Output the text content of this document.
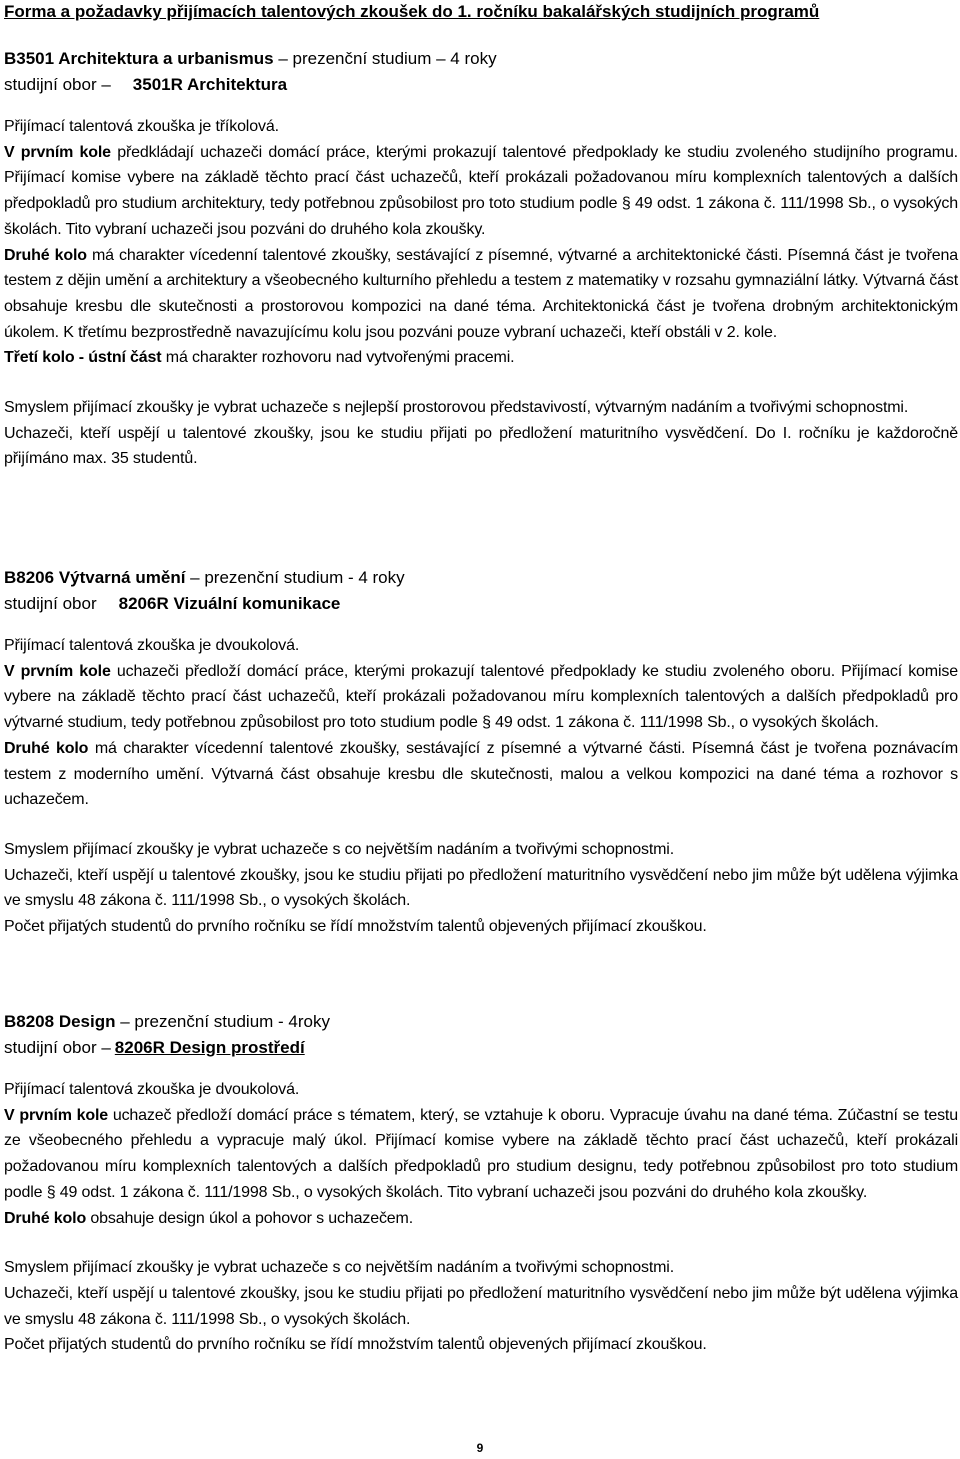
Forma a požadavky přijímacích talentových zkoušek do 1. ročníku bakalářských studijních programů
B3501 Architektura a urbanismus – prezenční studium – 4 roky
studijní obor – 3501R Architektura

Přijímací talentová zkouška je tříkolová.

V prvním kole předkládají uchazeči domácí práce, kterými prokazují talentové předpoklady ke studiu zvoleného studijního programu. Přijímací komise vybere na základě těchto prací část uchazečů, kteří prokázali požadovanou míru komplexních talentových a dalších předpokladů pro studium architektury, tedy potřebnou způsobilost pro toto studium podle § 49 odst. 1 zákona č. 111/1998 Sb., o vysokých školách. Tito vybraní uchazeči jsou pozváni do druhého kola zkoušky.

Druhé kolo má charakter vícedenní talentové zkoušky, sestávající z písemné, výtvarné a architektonické části. Písemná část je tvořena testem z dějin umění a architektury a všeobecného kulturního přehledu a testem z matematiky v rozsahu gymnaziální látky. Výtvarná část obsahuje kresbu dle skutečnosti a prostorovou kompozici na dané téma. Architektonická část je tvořena drobným architektonickým úkolem. K třetímu bezprostředně navazujícímu kolu jsou pozváni pouze vybraní uchazeči, kteří obstáli v 2. kole.

Třetí kolo - ústní část má charakter rozhovoru nad vytvořenými pracemi.

Smyslem přijímací zkoušky je vybrat uchazeče s nejlepší prostorovou představivostí, výtvarným nadáním a tvořivými schopnostmi.

Uchazeči, kteří uspějí u talentové zkoušky, jsou ke studiu přijati po předložení maturitního vysvědčení. Do I. ročníku je každoročně přijímáno max. 35 studentů.

B8206 Výtvarná umění – prezenční studium - 4 roky
studijní obor 8206R Vizuální komunikace

Přijímací talentová zkouška je dvoukolová.

V prvním kole uchazeči předloží domácí práce, kterými prokazují talentové předpoklady ke studiu zvoleného oboru. Přijímací komise vybere na základě těchto prací část uchazečů, kteří prokázali požadovanou míru komplexních talentových a dalších předpokladů pro výtvarné studium, tedy potřebnou způsobilost pro toto studium podle § 49 odst. 1 zákona č. 111/1998 Sb., o vysokých školách.

Druhé kolo má charakter vícedenní talentové zkoušky, sestávající z písemné a výtvarné části. Písemná část je tvořena poznávacím testem z moderního umění. Výtvarná část obsahuje kresbu dle skutečnosti, malou a velkou kompozici na dané téma a rozhovor s uchazečem.

Smyslem přijímací zkoušky je vybrat uchazeče s co největším nadáním a tvořivými schopnostmi.

Uchazeči, kteří uspějí u talentové zkoušky, jsou ke studiu přijati po předložení maturitního vysvědčení nebo jim může být udělena výjimka ve smyslu 48 zákona č. 111/1998 Sb., o vysokých školách.

Počet přijatých studentů do prvního ročníku se řídí množstvím talentů objevených přijímací zkouškou.

B8208 Design – prezenční studium - 4roky
studijní obor – 8206R Design prostředí

Přijímací talentová zkouška je dvoukolová.

V prvním kole uchazeč předloží domácí práce s tématem, který, se vztahuje k oboru. Vypracuje úvahu na dané téma. Zúčastní se testu ze všeobecného přehledu a vypracuje malý úkol. Přijímací komise vybere na základě těchto prací část uchazečů, kteří prokázali požadovanou míru komplexních talentových a dalších předpokladů pro studium designu, tedy potřebnou způsobilost pro toto studium podle § 49 odst. 1 zákona č. 111/1998 Sb., o vysokých školách. Tito vybraní uchazeči jsou pozváni do druhého kola zkoušky.

Druhé kolo obsahuje design úkol a pohovor s uchazečem.

Smyslem přijímací zkoušky je vybrat uchazeče s co největším nadáním a tvořivými schopnostmi.

Uchazeči, kteří uspějí u talentové zkoušky, jsou ke studiu přijati po předložení maturitního vysvědčení nebo jim může být udělena výjimka ve smyslu 48 zákona č. 111/1998 Sb., o vysokých školách.

Počet přijatých studentů do prvního ročníku se řídí množstvím talentů objevených přijímací zkouškou.

9
